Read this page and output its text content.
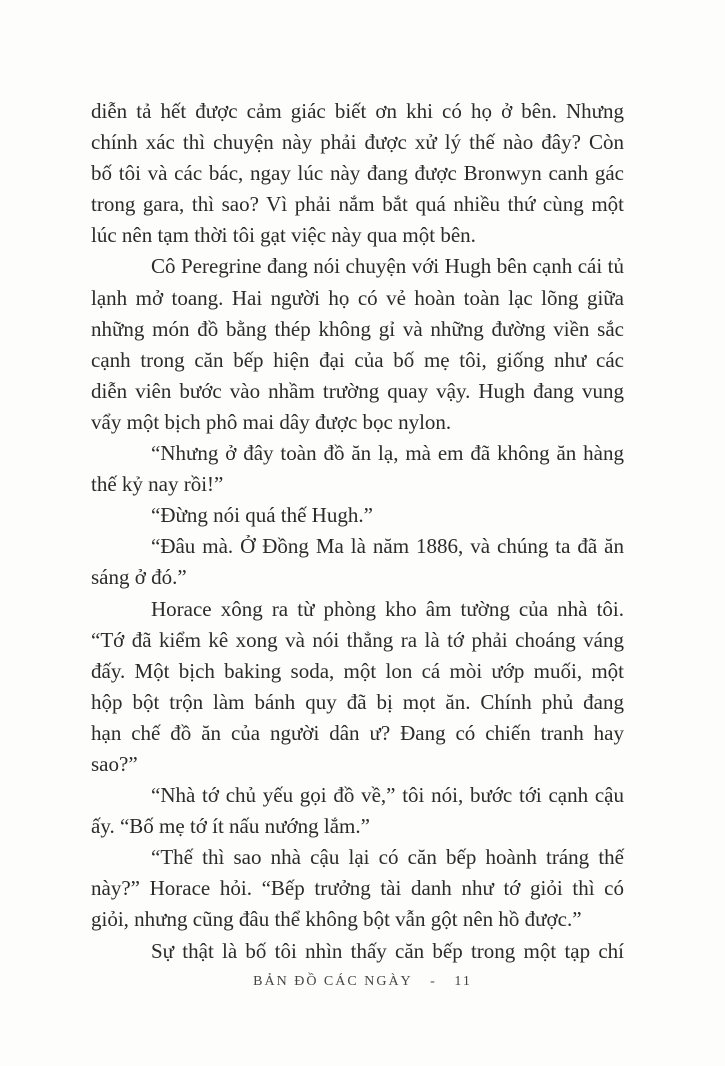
diễn tả hết được cảm giác biết ơn khi có họ ở bên. Nhưng
chính xác thì chuyện này phải được xử lý thế nào đây? Còn
bố tôi và các bác, ngay lúc này đang được Bronwyn canh gác
trong gara, thì sao? Vì phải nắm bắt quá nhiều thứ cùng một
lúc nên tạm thời tôi gạt việc này qua một bên.
Cô Peregrine đang nói chuyện với Hugh bên cạnh cái tủ
lạnh mở toang. Hai người họ có vẻ hoàn toàn lạc lõng giữa
những món đồ bằng thép không gỉ và những đường viền sắc
cạnh trong căn bếp hiện đại của bố mẹ tôi, giống như các
diễn viên bước vào nhầm trường quay vậy. Hugh đang vung
vẩy một bịch phô mai dây được bọc nylon.
“Nhưng ở đây toàn đồ ăn lạ, mà em đã không ăn hàng
thế kỷ nay rồi!”
“Đừng nói quá thế Hugh.”
“Đâu mà. Ở Đồng Ma là năm 1886, và chúng ta đã ăn
sáng ở đó.”
Horace xông ra từ phòng kho âm tường của nhà tôi.
“Tớ đã kiểm kê xong và nói thẳng ra là tớ phải choáng váng
đấy. Một bịch baking soda, một lon cá mòi ướp muối, một
hộp bột trộn làm bánh quy đã bị mọt ăn. Chính phủ đang
hạn chế đồ ăn của người dân ư? Đang có chiến tranh hay
sao?”
“Nhà tớ chủ yếu gọi đồ về,” tôi nói, bước tới cạnh cậu
ấy. “Bố mẹ tớ ít nấu nướng lắm.”
“Thế thì sao nhà cậu lại có căn bếp hoành tráng thế
này?” Horace hỏi. “Bếp trưởng tài danh như tớ giỏi thì có
giỏi, nhưng cũng đâu thể không bột vẫn gột nên hồ được.”
Sự thật là bố tôi nhìn thấy căn bếp trong một tạp chí
BẢN ĐỒ CÁC NGÀY - 11
